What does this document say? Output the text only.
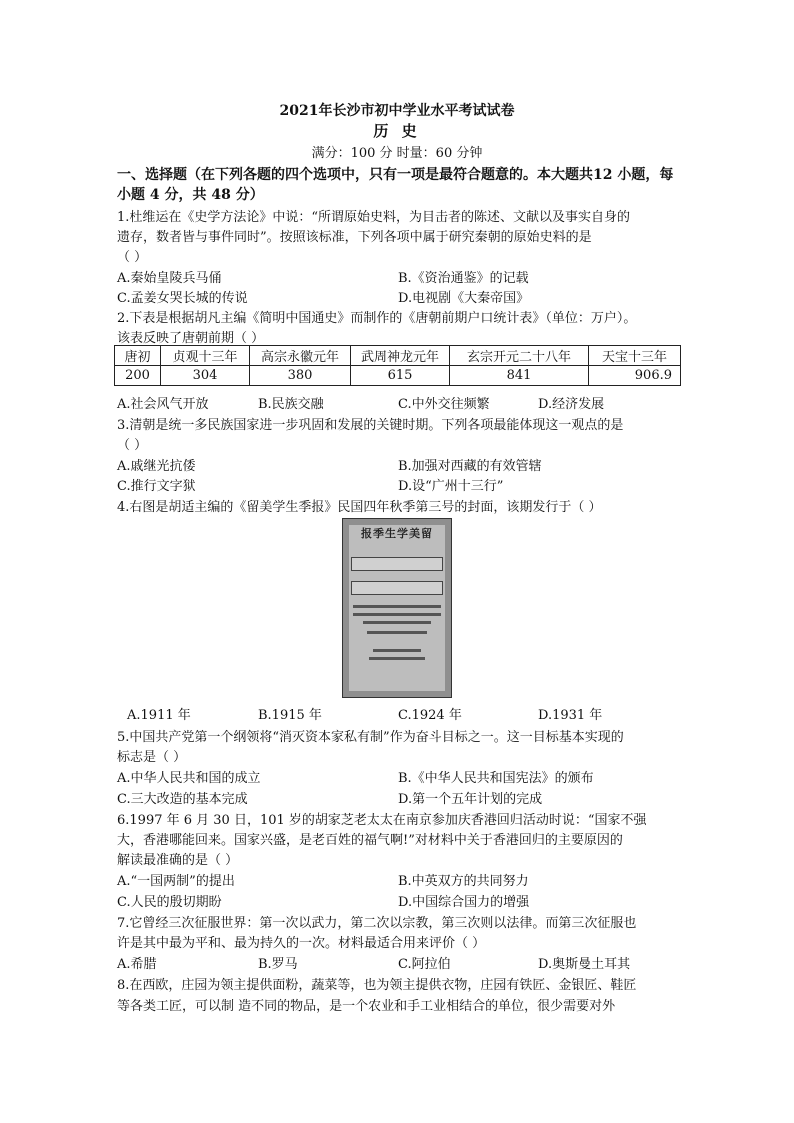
2021年长沙市初中学业水平考试试卷
历 史
满分：100 分 时量：60 分钟
一、选择题（在下列各题的四个选项中，只有一项是最符合题意的。本大题共12 小题，每
小题 4 分，共 48 分）
1.杜维运在《史学方法论》中说：“所谓原始史料，为目击者的陈述、文献以及事实自身的
遗存，数者皆与事件同时”。按照该标准，下列各项中属于研究秦朝的原始史料的是
（ ）
A.秦始皇陵兵马俑	B.《资治通鉴》的记载
C.孟姜女哭长城的传说	D.电视剧《大秦帝国》
2.下表是根据胡凡主编《简明中国通史》而制作的《唐朝前期户口统计表》（单位：万户）。
该表反映了唐朝前期（ ）
唐初	贞观十三年	高宗永徽元年	武周神龙元年	玄宗开元二十八年	天宝十三年
200	304	380	615	841	906.9
A.社会风气开放	B.民族交融	C.中外交往频繁	D.经济发展
3.清朝是统一多民族国家进一步巩固和发展的关键时期。下列各项最能体现这一观点的是
（ ）
A.戚继光抗倭	B.加强对西藏的有效管辖
C.推行文字狱	D.设“广州十三行”
4.右图是胡适主编的《留美学生季报》民国四年秋季第三号的封面，该期发行于（ ）
报季生学美留
A.1911 年	B.1915 年	C.1924 年	D.1931 年
5.中国共产党第一个纲领将“消灭资本家私有制”作为奋斗目标之一。这一目标基本实现的
标志是（ ）
A.中华人民共和国的成立	B.《中华人民共和国宪法》的颁布
C.三大改造的基本完成	D.第一个五年计划的完成
6.1997 年 6 月 30 日，101 岁的胡家芝老太太在南京参加庆香港回归活动时说：“国家不强
大，香港哪能回来。国家兴盛，是老百姓的福气啊!”对材料中关于香港回归的主要原因的
解读最准确的是（ ）
A.“一国两制”的提出	B.中英双方的共同努力
C.人民的殷切期盼	D.中国综合国力的增强
7.它曾经三次征服世界：第一次以武力，第二次以宗教，第三次则以法律。而第三次征服也
许是其中最为平和、最为持久的一次。材料最适合用来评价（ ）
A.希腊	B.罗马	C.阿拉伯	D.奥斯曼土耳其
8.在西欧，庄园为领主提供面粉，蔬菜等，也为领主提供衣物，庄园有铁匠、金银匠、鞋匠
等各类工匠，可以制 造不同的物品，是一个农业和手工业相结合的单位，很少需要对外
